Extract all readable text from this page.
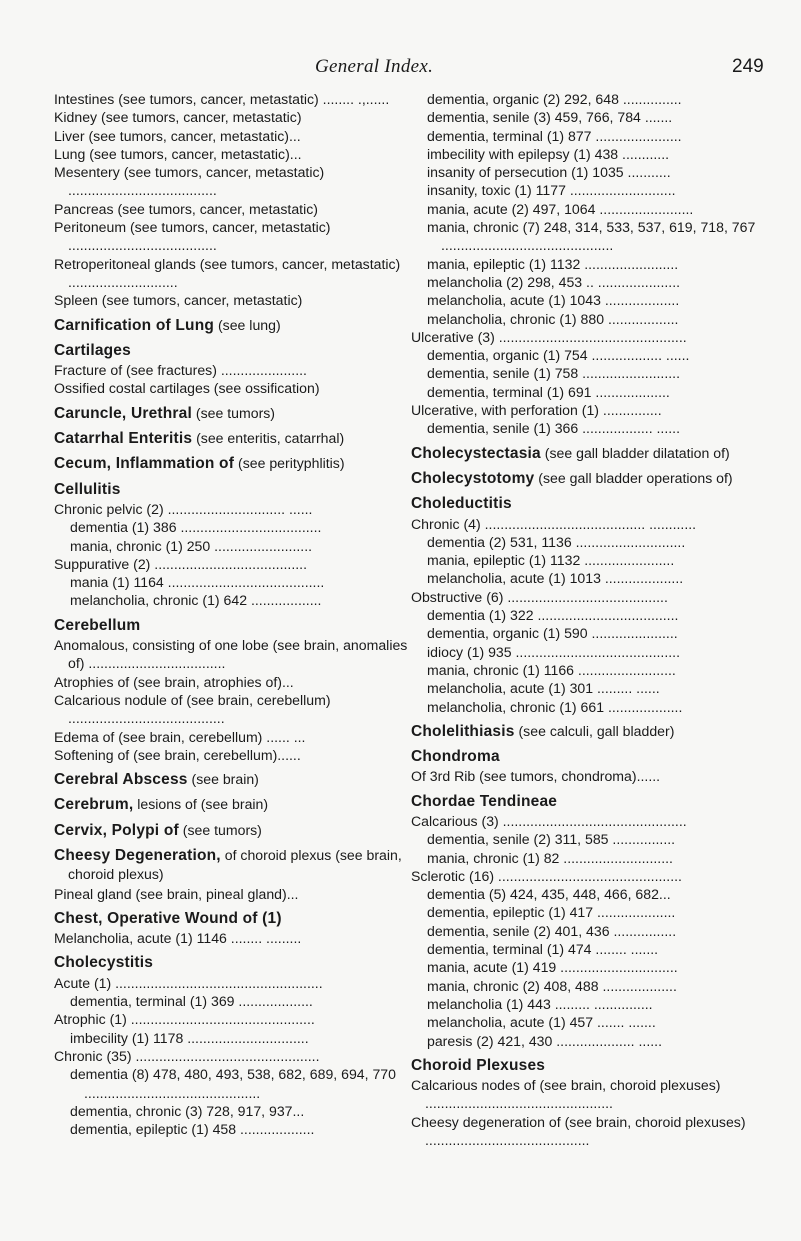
General Index.	249

Intestines (see tumors, cancer, metastatic) ........ .,......

Kidney (see tumors, cancer, metastatic)

Liver (see tumors, cancer, metastatic)...

Lung (see tumors, cancer, metastatic)...

Mesentery (see tumors, cancer, metastatic) ......................................

Pancreas (see tumors, cancer, metastatic)

Peritoneum (see tumors, cancer, metastatic) ......................................

Retroperitoneal glands (see tumors, cancer, metastatic) ............................

Spleen (see tumors, cancer, metastatic)

Carnification of Lung (see lung)

Cartilages

Fracture of (see fractures) ......................

Ossified costal cartilages (see ossification)

Caruncle, Urethral (see tumors)

Catarrhal Enteritis (see enteritis, catarrhal)

Cecum, Inflammation of (see perityphlitis)

Cellulitis

Chronic pelvic (2) .............................. ......

dementia (1) 386 ....................................

mania, chronic (1) 250 .........................

Suppurative (2) .......................................

mania (1) 1164 ........................................

melancholia, chronic (1) 642 ..................

Cerebellum

Anomalous, consisting of one lobe (see brain, anomalies of) ...................................

Atrophies of (see brain, atrophies of)...

Calcarious nodule of (see brain, cerebellum) ........................................

Edema of (see brain, cerebellum) ...... ...

Softening of (see brain, cerebellum)......

Cerebral Abscess (see brain)

Cerebrum, lesions of (see brain)

Cervix, Polypi of (see tumors)

Cheesy Degeneration, of choroid plexus (see brain, choroid plexus)

Pineal gland (see brain, pineal gland)...

Chest, Operative Wound of (1)

Melancholia, acute (1) 1146 ........ .........

Cholecystitis

Acute (1) .....................................................

dementia, terminal (1) 369 ...................

Atrophic (1) ...............................................

imbecility (1) 1178 ...............................

Chronic (35) ...............................................

dementia (8) 478, 480, 493, 538, 682, 689, 694, 770 .............................................

dementia, chronic (3) 728, 917, 937...

dementia, epileptic (1) 458 ...................

dementia, organic (2) 292, 648 ...............

dementia, senile (3) 459, 766, 784 .......

dementia, terminal (1) 877 ......................

imbecility with epilepsy (1) 438 ............

insanity of persecution (1) 1035 ...........

insanity, toxic (1) 1177 ...........................

mania, acute (2) 497, 1064 ........................

mania, chronic (7) 248, 314, 533, 537, 619, 718, 767 ............................................

mania, epileptic (1) 1132 ........................

melancholia (2) 298, 453 .. .....................

melancholia, acute (1) 1043 ...................

melancholia, chronic (1) 880 ..................

Ulcerative (3) ................................................

dementia, organic (1) 754 .................. ......

dementia, senile (1) 758 .........................

dementia, terminal (1) 691 ...................

Ulcerative, with perforation (1) ...............

dementia, senile (1) 366 .................. ......

Cholecystectasia (see gall bladder dilatation of)

Cholecystotomy (see gall bladder operations of)

Choleductitis

Chronic (4) ......................................... ............

dementia (2) 531, 1136 ............................

mania, epileptic (1) 1132 .......................

melancholia, acute (1) 1013 ....................

Obstructive (6) .........................................

dementia (1) 322 ....................................

dementia, organic (1) 590 ......................

idiocy (1) 935 ..........................................

mania, chronic (1) 1166 .........................

melancholia, acute (1) 301 ......... ......

melancholia, chronic (1) 661 ...................

Cholelithiasis (see calculi, gall bladder)

Chondroma

Of 3rd Rib (see tumors, chondroma)......

Chordae Tendineae

Calcarious (3) ...............................................

dementia, senile (2) 311, 585 ................

mania, chronic (1) 82 ............................

Sclerotic (16) ...............................................

dementia (5) 424, 435, 448, 466, 682...

dementia, epileptic (1) 417 ....................

dementia, senile (2) 401, 436 ................

dementia, terminal (1) 474 ........ .......

mania, acute (1) 419 ..............................

mania, chronic (2) 408, 488 ...................

melancholia (1) 443 ......... ...............

melancholia, acute (1) 457 ....... .......

paresis (2) 421, 430 .................... ......

Choroid Plexuses

Calcarious nodes of (see brain, choroid plexuses) ................................................

Cheesy degeneration of (see brain, choroid plexuses) ..........................................
